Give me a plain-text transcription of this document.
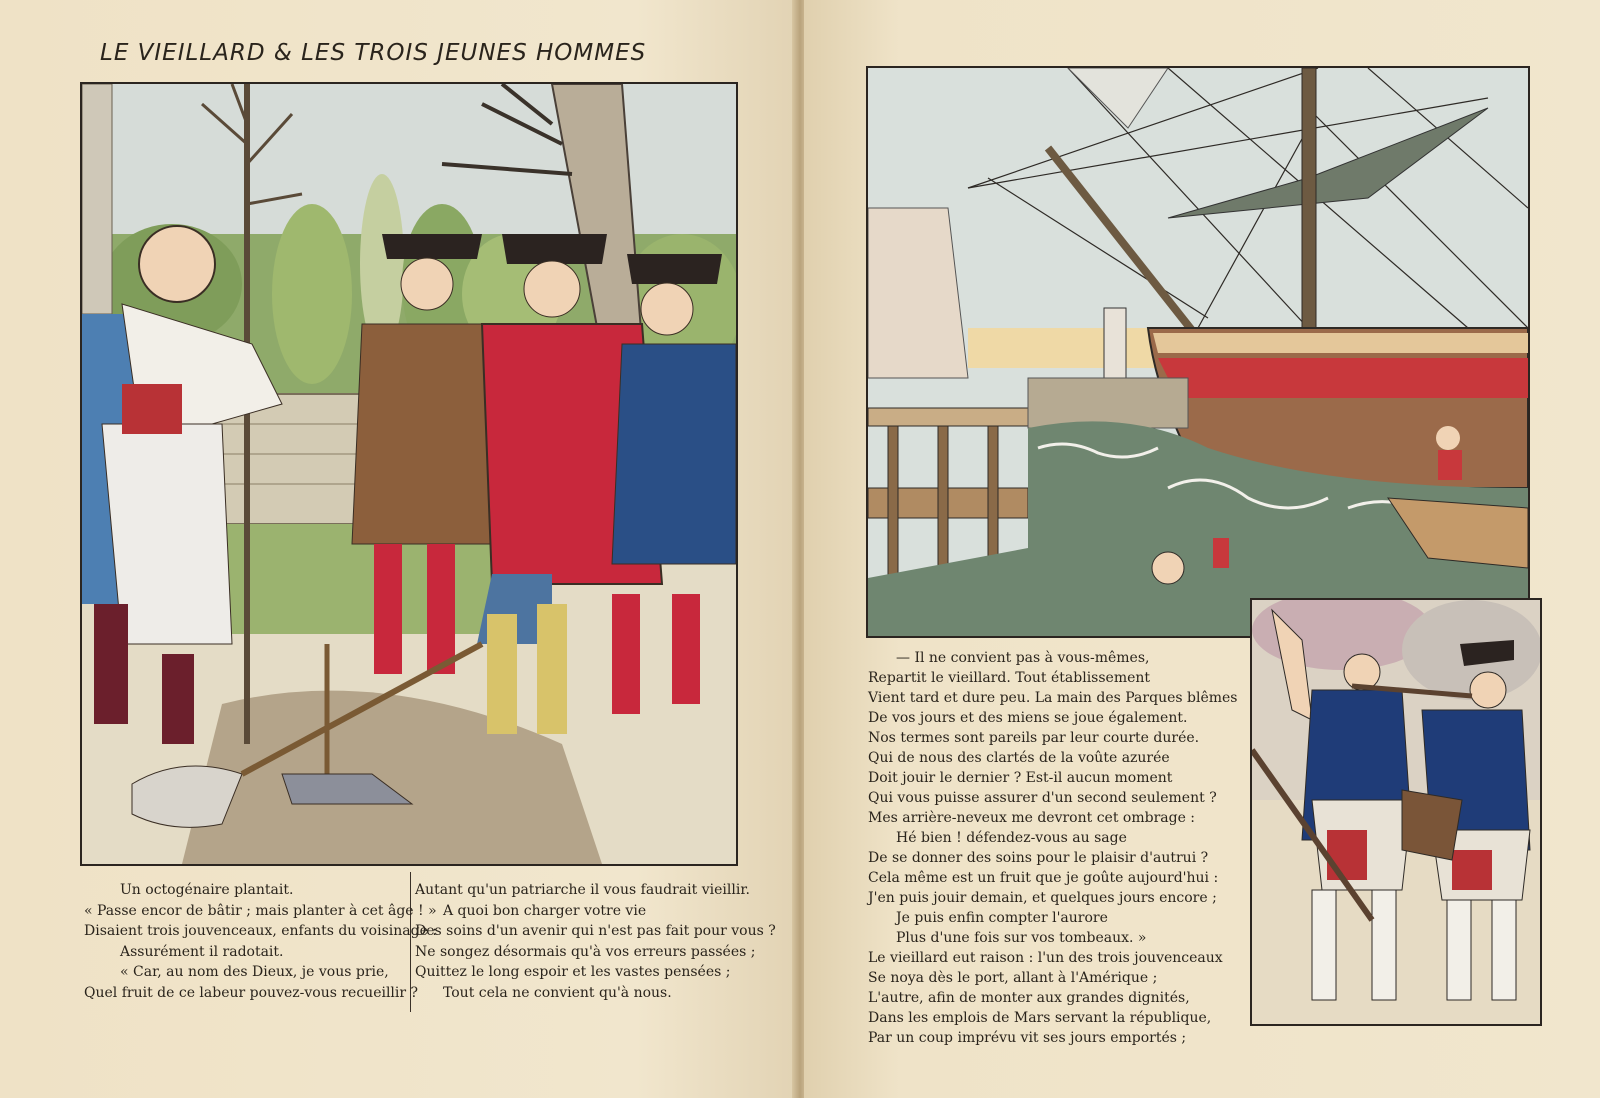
LE VIEILLARD & LES TROIS JEUNES HOMMES
Un octogénaire plantait.
« Passe encor de bâtir ; mais planter à cet âge ! »
Disaient trois jouvenceaux, enfants du voisinage :
Assurément il radotait.
« Car, au nom des Dieux, je vous prie,
Quel fruit de ce labeur pouvez-vous recueillir ?
Autant qu'un patriarche il vous faudrait vieillir.
A quoi bon charger votre vie
Des soins d'un avenir qui n'est pas fait pour vous ?
Ne songez désormais qu'à vos erreurs passées ;
Quittez le long espoir et les vastes pensées ;
Tout cela ne convient qu'à nous.
— Il ne convient pas à vous-mêmes,
Repartit le vieillard. Tout établissement
Vient tard et dure peu. La main des Parques blêmes
De vos jours et des miens se joue également.
Nos termes sont pareils par leur courte durée.
Qui de nous des clartés de la voûte azurée
Doit jouir le dernier ? Est-il aucun moment
Qui vous puisse assurer d'un second seulement ?
Mes arrière-neveux me devront cet ombrage :
Hé bien ! défendez-vous au sage
De se donner des soins pour le plaisir d'autrui ?
Cela même est un fruit que je goûte aujourd'hui :
J'en puis jouir demain, et quelques jours encore ;
Je puis enfin compter l'aurore
Plus d'une fois sur vos tombeaux. »
Le vieillard eut raison : l'un des trois jouvenceaux
Se noya dès le port, allant à l'Amérique ;
L'autre, afin de monter aux grandes dignités,
Dans les emplois de Mars servant la république,
Par un coup imprévu vit ses jours emportés ;
